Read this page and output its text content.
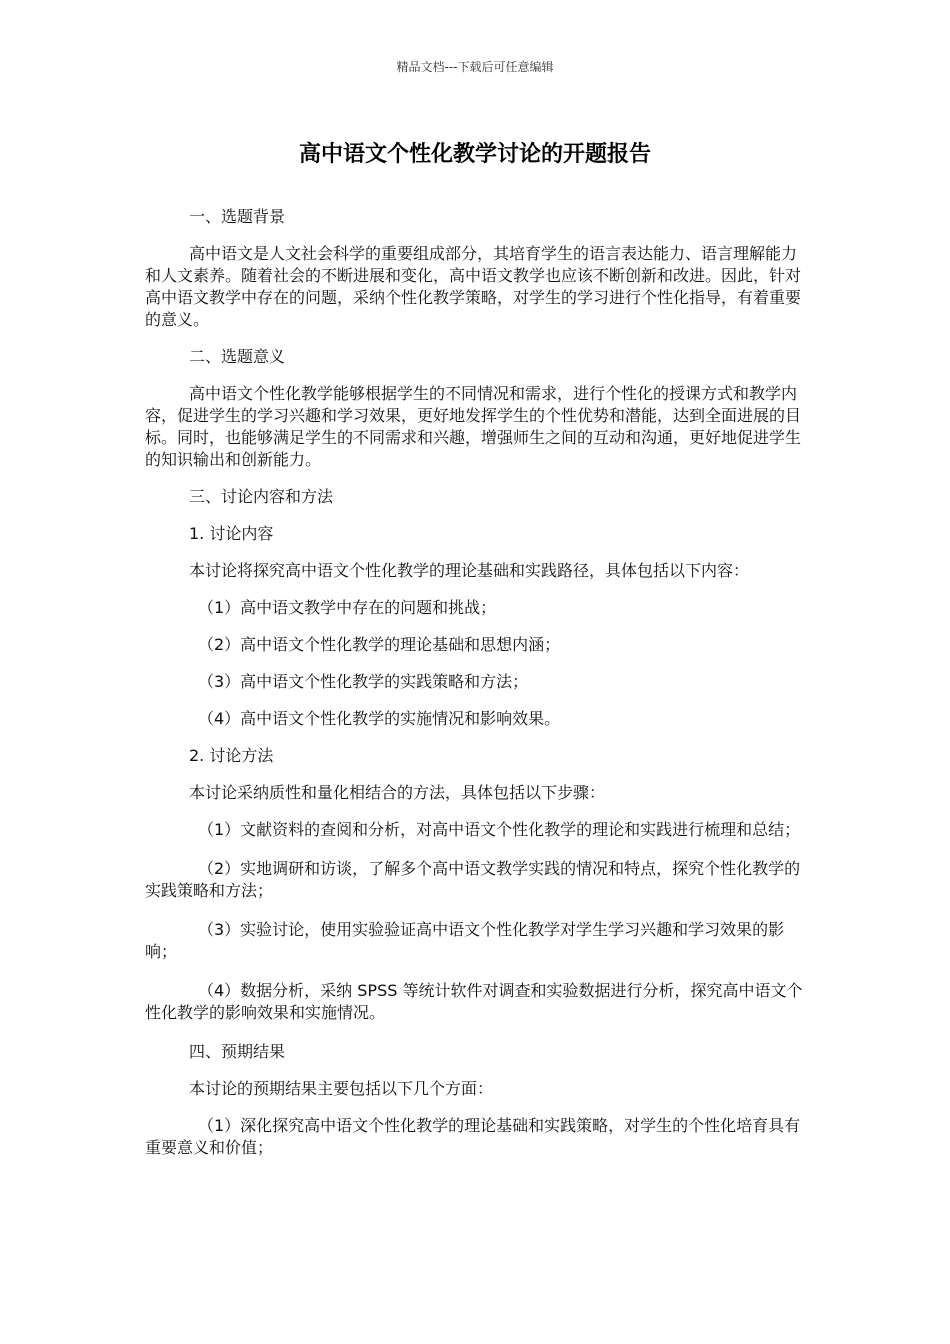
精品文档---下载后可任意编辑
高中语文个性化教学讨论的开题报告

一、选题背景

高中语文是人文社会科学的重要组成部分，其培育学生的语言表达能力、语言理解能力和人文素养。随着社会的不断进展和变化，高中语文教学也应该不断创新和改进。因此，针对高中语文教学中存在的问题，采纳个性化教学策略，对学生的学习进行个性化指导，有着重要的意义。

二、选题意义

高中语文个性化教学能够根据学生的不同情况和需求，进行个性化的授课方式和教学内容，促进学生的学习兴趣和学习效果，更好地发挥学生的个性优势和潜能，达到全面进展的目标。同时，也能够满足学生的不同需求和兴趣，增强师生之间的互动和沟通，更好地促进学生的知识输出和创新能力。

三、讨论内容和方法

1. 讨论内容

本讨论将探究高中语文个性化教学的理论基础和实践路径，具体包括以下内容：

（1）高中语文教学中存在的问题和挑战；

（2）高中语文个性化教学的理论基础和思想内涵；

（3）高中语文个性化教学的实践策略和方法；

（4）高中语文个性化教学的实施情况和影响效果。

2. 讨论方法

本讨论采纳质性和量化相结合的方法，具体包括以下步骤：

（1）文献资料的查阅和分析，对高中语文个性化教学的理论和实践进行梳理和总结；

（2）实地调研和访谈，了解多个高中语文教学实践的情况和特点，探究个性化教学的实践策略和方法；

（3）实验讨论，使用实验验证高中语文个性化教学对学生学习兴趣和学习效果的影响；

（4）数据分析，采纳 SPSS 等统计软件对调查和实验数据进行分析，探究高中语文个性化教学的影响效果和实施情况。

四、预期结果

本讨论的预期结果主要包括以下几个方面：

（1）深化探究高中语文个性化教学的理论基础和实践策略，对学生的个性化培育具有重要意义和价值；
